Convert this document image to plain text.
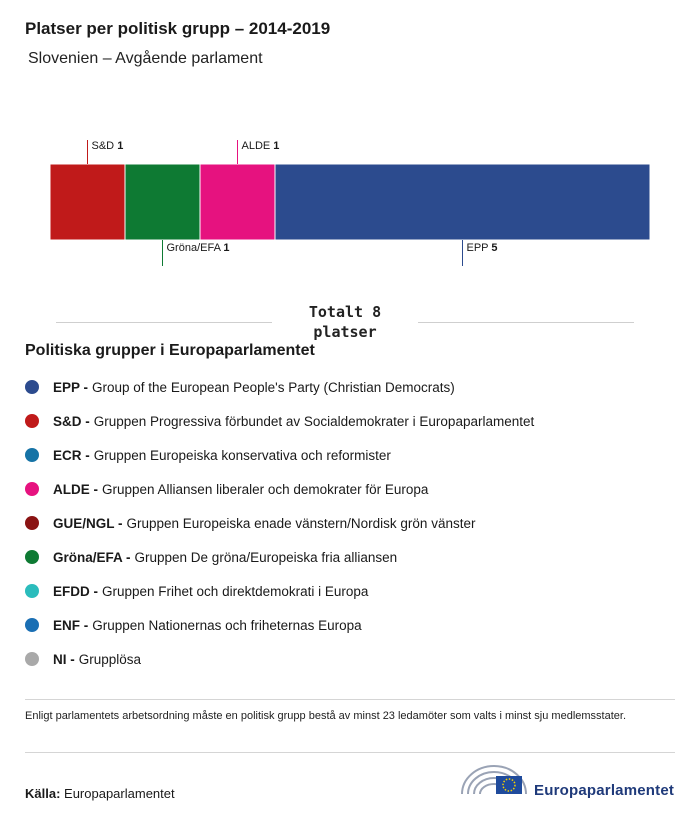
Platser per politisk grupp – 2014-2019
Slovenien – Avgående parlament
S&D 1
Gröna/EFA 1
ALDE 1
EPP 5
Totalt 8
platser
Politiska grupper i Europaparlamentet
EPP - Group of the European People's Party (Christian Democrats)
S&D - Gruppen Progressiva förbundet av Socialdemokrater i Europaparlamentet
ECR - Gruppen Europeiska konservativa och reformister
ALDE - Gruppen Alliansen liberaler och demokrater för Europa
GUE/NGL - Gruppen Europeiska enade vänstern/Nordisk grön vänster
Gröna/EFA - Gruppen De gröna/Europeiska fria alliansen
EFDD - Gruppen Frihet och direktdemokrati i Europa
ENF - Gruppen Nationernas och friheternas Europa
NI - Grupplösa
Enligt parlamentets arbetsordning måste en politisk grupp bestå av minst 23 ledamöter som valts i minst sju medlemsstater.
Källa: Europaparlamentet	Europaparlamentet
